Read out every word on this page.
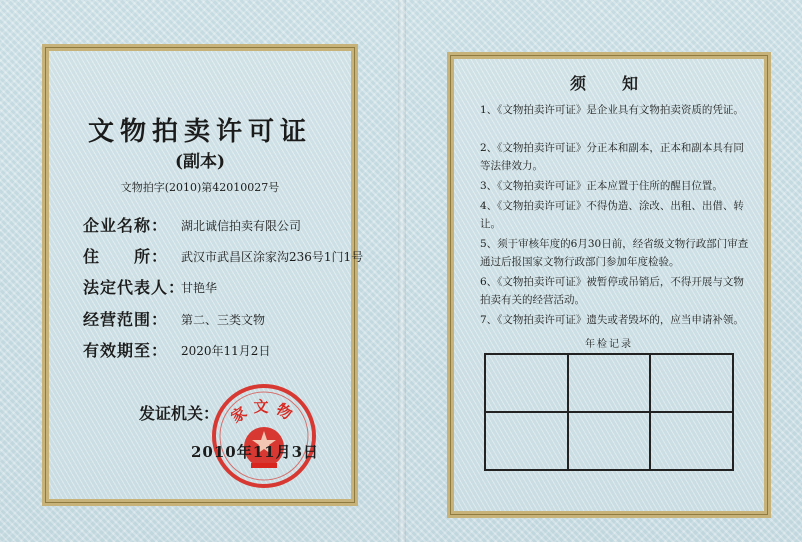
文物拍卖许可证
(副本)
文物拍字(2010)第42010027号
企业名称： 湖北诚信拍卖有限公司
住　　所： 武汉市武昌区涂家沟236号1门1号
法定代表人：
甘艳华
经营范围： 第二、三类文物
有效期至： 2020年11月2日
发证机关： 家文物
2010年11月3日
须　知
1、《文物拍卖许可证》是企业具有文物拍卖资质的凭证。
2、《文物拍卖许可证》分正本和副本，正本和副本具有同等法律效力。
3、《文物拍卖许可证》正本应置于住所的醒目位置。
4、《文物拍卖许可证》不得伪造、涂改、出租、出借、转让。
5、须于审核年度的6月30日前，经省级文物行政部门审查通过后报国家文物行政部门参加年度检验。
6、《文物拍卖许可证》被暂停或吊销后，不得开展与文物拍卖有关的经营活动。
7、《文物拍卖许可证》遗失或者毁坏的，应当申请补领。
年检记录
